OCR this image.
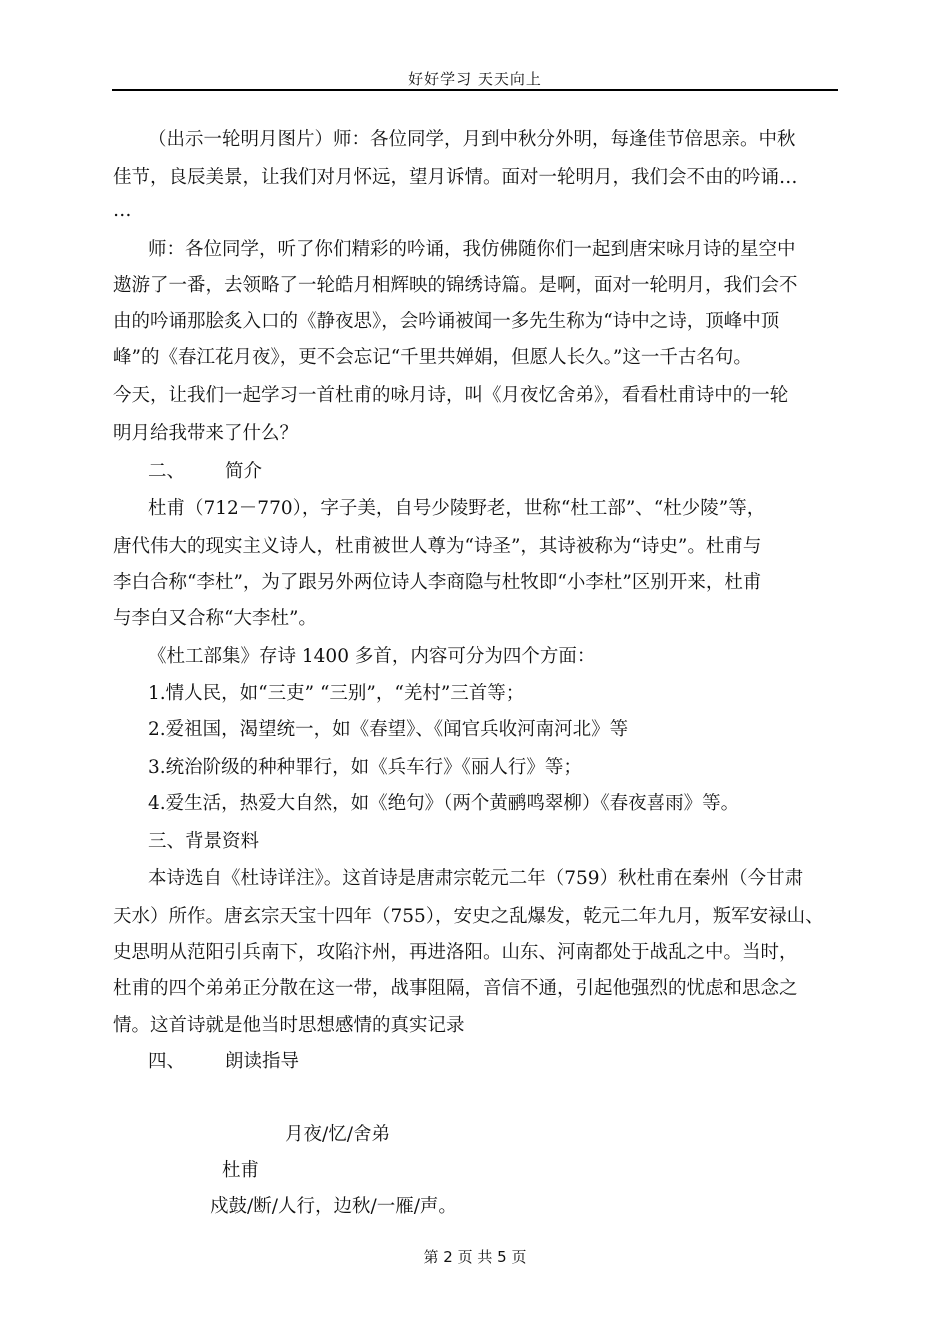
好好学习 天天向上
（出示一轮明月图片）师：各位同学，月到中秋分外明，每逢佳节倍思亲。中秋
佳节，良辰美景，让我们对月怀远，望月诉情。面对一轮明月，我们会不由的吟诵…
…
师：各位同学，听了你们精彩的吟诵，我仿佛随你们一起到唐宋咏月诗的星空中
遨游了一番，去领略了一轮皓月相辉映的锦绣诗篇。是啊，面对一轮明月，我们会不
由的吟诵那脍炙入口的《静夜思》，会吟诵被闻一多先生称为“诗中之诗，顶峰中顶
峰”的《春江花月夜》，更不会忘记“千里共婵娟，但愿人长久。”这一千古名句。
今天，让我们一起学习一首杜甫的咏月诗，叫《月夜忆舍弟》，看看杜甫诗中的一轮
明月给我带来了什么？
二、 简介
杜甫（712－770），字子美，自号少陵野老，世称“杜工部”、“杜少陵”等，
唐代伟大的现实主义诗人，杜甫被世人尊为“诗圣”，其诗被称为“诗史”。杜甫与
李白合称“李杜”，为了跟另外两位诗人李商隐与杜牧即“小李杜”区别开来，杜甫
与李白又合称“大李杜”。
《杜工部集》存诗 1400 多首，内容可分为四个方面：
1.情人民，如“三吏” “三别”，“羌村”三首等；
2.爱祖国，渴望统一，如《春望》、《闻官兵收河南河北》等
3.统治阶级的种种罪行，如《兵车行》《丽人行》等；
4.爱生活，热爱大自然，如《绝句》（两个黄鹂鸣翠柳）《春夜喜雨》等。
三、背景资料
本诗选自《杜诗详注》。这首诗是唐肃宗乾元二年（759）秋杜甫在秦州（今甘肃
天水）所作。唐玄宗天宝十四年（755），安史之乱爆发，乾元二年九月，叛军安禄山、
史思明从范阳引兵南下，攻陷汴州，再进洛阳。山东、河南都处于战乱之中。当时，
杜甫的四个弟弟正分散在这一带，战事阻隔，音信不通，引起他强烈的忧虑和思念之
情。这首诗就是他当时思想感情的真实记录
四、 朗读指导
月夜/忆/舍弟
杜甫
戍鼓/断/人行，边秋/一雁/声。
第 2 页 共 5 页
